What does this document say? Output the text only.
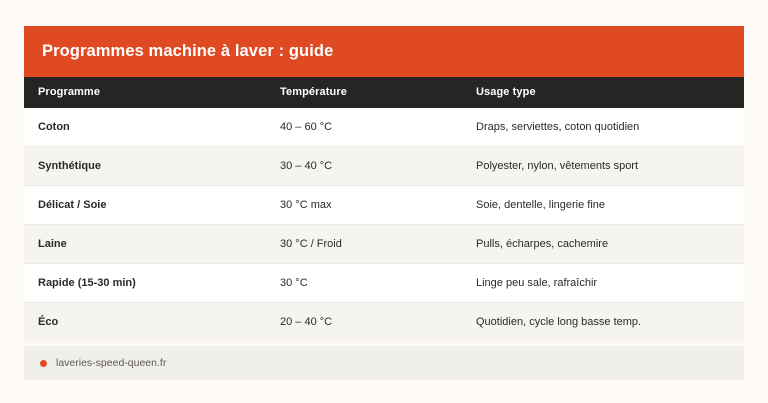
Programmes machine à laver : guide
Programme	Température	Usage type
Coton	40 – 60 °C	Draps, serviettes, coton quotidien
Synthétique	30 – 40 °C	Polyester, nylon, vêtements sport
Délicat / Soie	30 °C max	Soie, dentelle, lingerie fine
Laine	30 °C / Froid	Pulls, écharpes, cachemire
Rapide (15-30 min)	30 °C	Linge peu sale, rafraîchir
Éco	20 – 40 °C	Quotidien, cycle long basse temp.
laveries-speed-queen.fr
